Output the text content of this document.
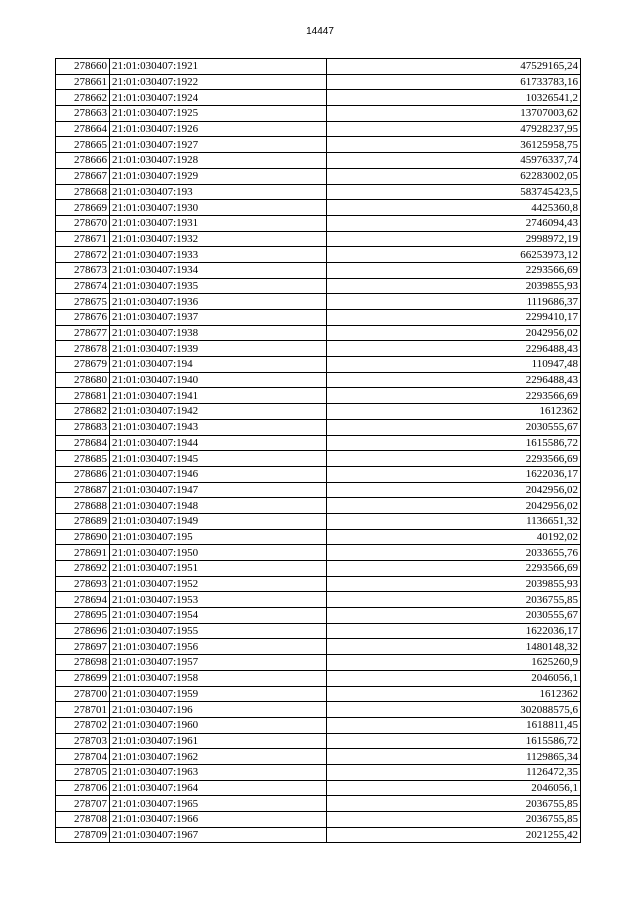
14447
278660	21:01:030407:1921	47529165,24
278661	21:01:030407:1922	61733783,16
278662	21:01:030407:1924	10326541,2
278663	21:01:030407:1925	13707003,62
278664	21:01:030407:1926	47928237,95
278665	21:01:030407:1927	36125958,75
278666	21:01:030407:1928	45976337,74
278667	21:01:030407:1929	62283002,05
278668	21:01:030407:193	583745423,5
278669	21:01:030407:1930	4425360,8
278670	21:01:030407:1931	2746094,43
278671	21:01:030407:1932	2998972,19
278672	21:01:030407:1933	66253973,12
278673	21:01:030407:1934	2293566,69
278674	21:01:030407:1935	2039855,93
278675	21:01:030407:1936	1119686,37
278676	21:01:030407:1937	2299410,17
278677	21:01:030407:1938	2042956,02
278678	21:01:030407:1939	2296488,43
278679	21:01:030407:194	110947,48
278680	21:01:030407:1940	2296488,43
278681	21:01:030407:1941	2293566,69
278682	21:01:030407:1942	1612362
278683	21:01:030407:1943	2030555,67
278684	21:01:030407:1944	1615586,72
278685	21:01:030407:1945	2293566,69
278686	21:01:030407:1946	1622036,17
278687	21:01:030407:1947	2042956,02
278688	21:01:030407:1948	2042956,02
278689	21:01:030407:1949	1136651,32
278690	21:01:030407:195	40192,02
278691	21:01:030407:1950	2033655,76
278692	21:01:030407:1951	2293566,69
278693	21:01:030407:1952	2039855,93
278694	21:01:030407:1953	2036755,85
278695	21:01:030407:1954	2030555,67
278696	21:01:030407:1955	1622036,17
278697	21:01:030407:1956	1480148,32
278698	21:01:030407:1957	1625260,9
278699	21:01:030407:1958	2046056,1
278700	21:01:030407:1959	1612362
278701	21:01:030407:196	302088575,6
278702	21:01:030407:1960	1618811,45
278703	21:01:030407:1961	1615586,72
278704	21:01:030407:1962	1129865,34
278705	21:01:030407:1963	1126472,35
278706	21:01:030407:1964	2046056,1
278707	21:01:030407:1965	2036755,85
278708	21:01:030407:1966	2036755,85
278709	21:01:030407:1967	2021255,42
